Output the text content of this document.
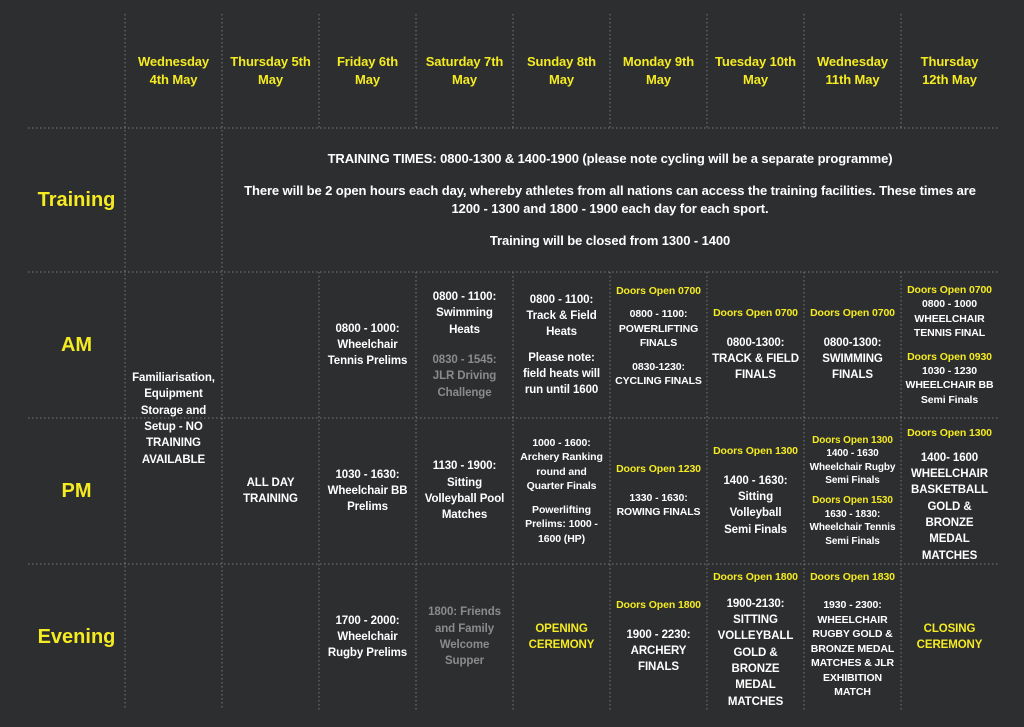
Wednesday
4th May
Thursday 5th
May
Friday 6th
May
Saturday 7th
May
Sunday 8th
May
Monday 9th
May
Tuesday 10th
May
Wednesday
11th May
Thursday
12th May
Training
AM
PM
Evening
TRAINING TIMES: 0800-1300 & 1400-1900 (please note cycling will be a separate programme)
There will be 2 open hours each day, whereby athletes from all nations can access the training facilities. These times are 1200 - 1300 and 1800 - 1900 each day for each sport.
Training will be closed from 1300 - 1400
Familiarisation,
Equipment
Storage and
Setup - NO
TRAINING
AVAILABLE
ALL DAY
TRAINING
0800 - 1000:
Wheelchair
Tennis Prelims
1030 - 1630:
Wheelchair BB
Prelims
1700 - 2000:
Wheelchair
Rugby Prelims
0800 - 1100:
Swimming
Heats
0830 - 1545:
JLR Driving
Challenge
1130 - 1900:
Sitting
Volleyball Pool
Matches
1800: Friends
and Family
Welcome
Supper
0800 - 1100:
Track & Field
Heats
Please note:
field heats will
run until 1600
1000 - 1600:
Archery Ranking
round and
Quarter Finals
Powerlifting
Prelims: 1000 -
1600 (HP)
OPENING
CEREMONY
Doors Open 0700
0800 - 1100:
POWERLIFTING
FINALS
0830-1230:
CYCLING FINALS
Doors Open 1230
1330 - 1630:
ROWING FINALS
Doors Open 1800
1900 - 2230:
ARCHERY
FINALS
Doors Open 0700
0800-1300:
TRACK & FIELD
FINALS
Doors Open 1300
1400 - 1630:
Sitting
Volleyball
Semi Finals
Doors Open 1800
1900-2130:
SITTING
VOLLEYBALL
GOLD &
BRONZE MEDAL
MATCHES
Doors Open 0700
0800-1300:
SWIMMING
FINALS
Doors Open 1300
1400 - 1630
Wheelchair Rugby
Semi Finals
Doors Open 1530
1630 - 1830:
Wheelchair Tennis
Semi Finals
Doors Open 1830
1930 - 2300:
WHEELCHAIR
RUGBY GOLD &
BRONZE MEDAL
MATCHES & JLR
EXHIBITION
MATCH
Doors Open 0700
0800 - 1000
WHEELCHAIR
TENNIS FINAL
Doors Open 0930
1030 - 1230
WHEELCHAIR BB
Semi Finals
Doors Open 1300
1400- 1600
WHEELCHAIR
BASKETBALL
GOLD &
BRONZE MEDAL
MATCHES
CLOSING
CEREMONY
